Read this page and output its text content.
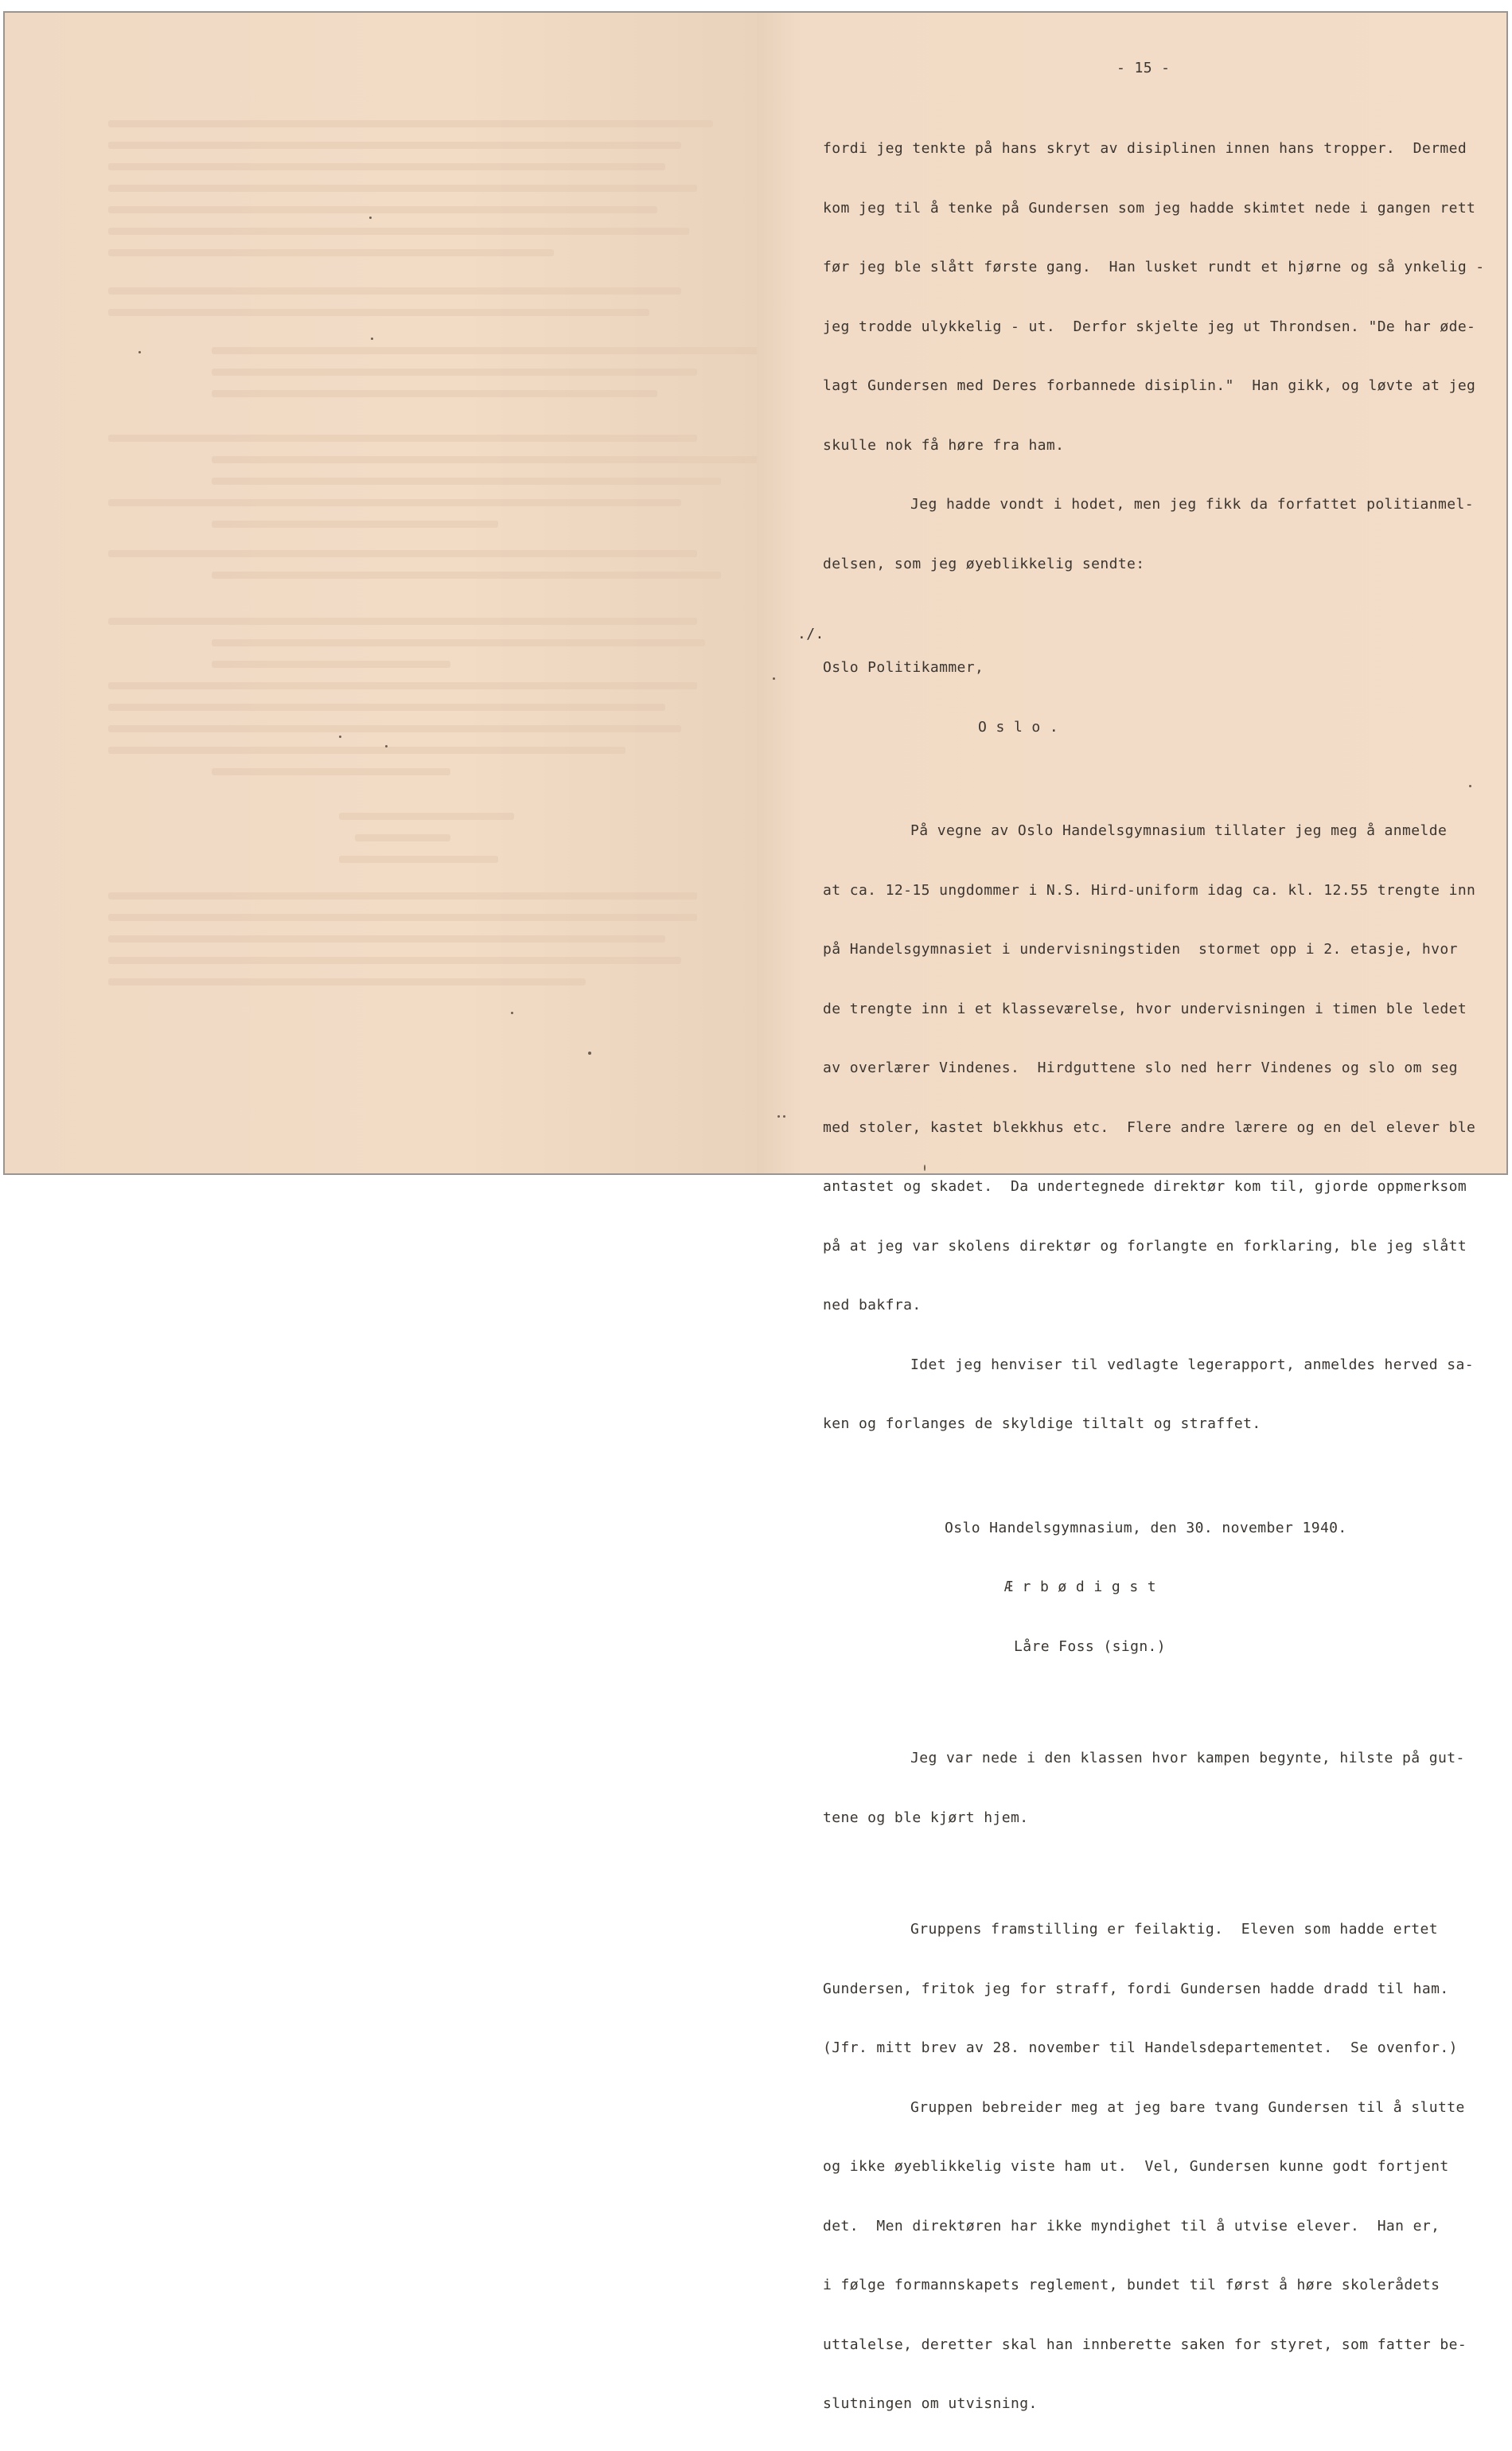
- 15 -
./.

fordi jeg tenkte på hans skryt av disiplinen innen hans tropper.  Dermed

kom jeg til å tenke på Gundersen som jeg hadde skimtet nede i gangen rett

før jeg ble slått første gang.  Han lusket rundt et hjørne og så ynkelig -

jeg trodde ulykkelig - ut.  Derfor skjelte jeg ut Throndsen. "De har øde-

lagt Gundersen med Deres forbannede disiplin."  Han gikk, og løvte at jeg

skulle nok få høre fra ham.

Jeg hadde vondt i hodet, men jeg fikk da forfattet politianmel-

delsen, som jeg øyeblikkelig sendte:

Oslo Politikammer,

O s l o .

På vegne av Oslo Handelsgymnasium tillater jeg meg å anmelde

at ca. 12-15 ungdommer i N.S. Hird-uniform idag ca. kl. 12.55 trengte inn

på Handelsgymnasiet i undervisningstiden  stormet opp i 2. etasje, hvor

de trengte inn i et klasseværelse, hvor undervisningen i timen ble ledet

av overlærer Vindenes.  Hirdguttene slo ned herr Vindenes og slo om seg

med stoler, kastet blekkhus etc.  Flere andre lærere og en del elever ble

antastet og skadet.  Da undertegnede direktør kom til, gjorde oppmerksom

på at jeg var skolens direktør og forlangte en forklaring, ble jeg slått

ned bakfra.

Idet jeg henviser til vedlagte legerapport, anmeldes herved sa-

ken og forlanges de skyldige tiltalt og straffet.

Oslo Handelsgymnasium, den 30. november 1940.

Æ r b ø d i g s t

Låre Foss (sign.)

Jeg var nede i den klassen hvor kampen begynte, hilste på gut-

tene og ble kjørt hjem.

Gruppens framstilling er feilaktig.  Eleven som hadde ertet

Gundersen, fritok jeg for straff, fordi Gundersen hadde dradd til ham.

(Jfr. mitt brev av 28. november til Handelsdepartementet.  Se ovenfor.)

Gruppen bebreider meg at jeg bare tvang Gundersen til å slutte

og ikke øyeblikkelig viste ham ut.  Vel, Gundersen kunne godt fortjent

det.  Men direktøren har ikke myndighet til å utvise elever.  Han er,

i følge formannskapets reglement, bundet til først å høre skolerådets

uttalelse, deretter skal han innberette saken for styret, som fatter be-

slutningen om utvisning.
